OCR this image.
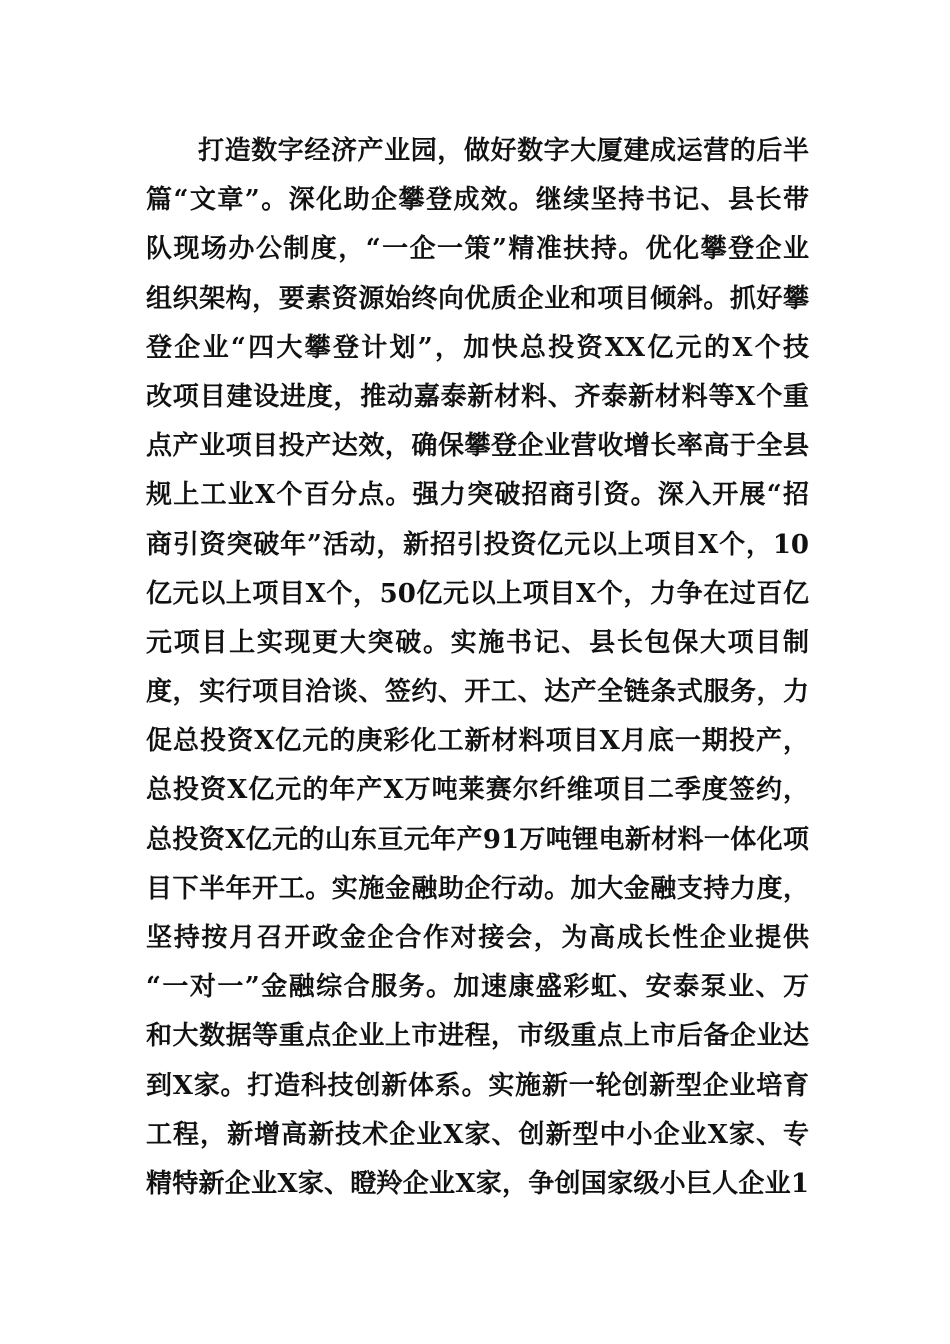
打造数字经济产业园，做好数字大厦建成运营的后半
篇“文章”。深化助企攀登成效。继续坚持书记、县长带
队现场办公制度，“一企一策”精准扶持。优化攀登企业
组织架构，要素资源始终向优质企业和项目倾斜。抓好攀
登企业“四大攀登计划”，加快总投资XX亿元的X个技
改项目建设进度，推动嘉泰新材料、齐泰新材料等X个重
点产业项目投产达效，确保攀登企业营收增长率高于全县
规上工业X个百分点。强力突破招商引资。深入开展“招
商引资突破年”活动，新招引投资亿元以上项目X个，10
亿元以上项目X个，50亿元以上项目X个，力争在过百亿
元项目上实现更大突破。实施书记、县长包保大项目制
度，实行项目洽谈、签约、开工、达产全链条式服务，力
促总投资X亿元的庚彩化工新材料项目X月底一期投产，
总投资X亿元的年产X万吨莱赛尔纤维项目二季度签约，
总投资X亿元的山东亘元年产91万吨锂电新材料一体化项
目下半年开工。实施金融助企行动。加大金融支持力度，
坚持按月召开政金企合作对接会，为高成长性企业提供
“一对一”金融综合服务。加速康盛彩虹、安泰泵业、万
和大数据等重点企业上市进程，市级重点上市后备企业达
到X家。打造科技创新体系。实施新一轮创新型企业培育
工程，新增高新技术企业X家、创新型中小企业X家、专
精特新企业X家、瞪羚企业X家，争创国家级小巨人企业1
